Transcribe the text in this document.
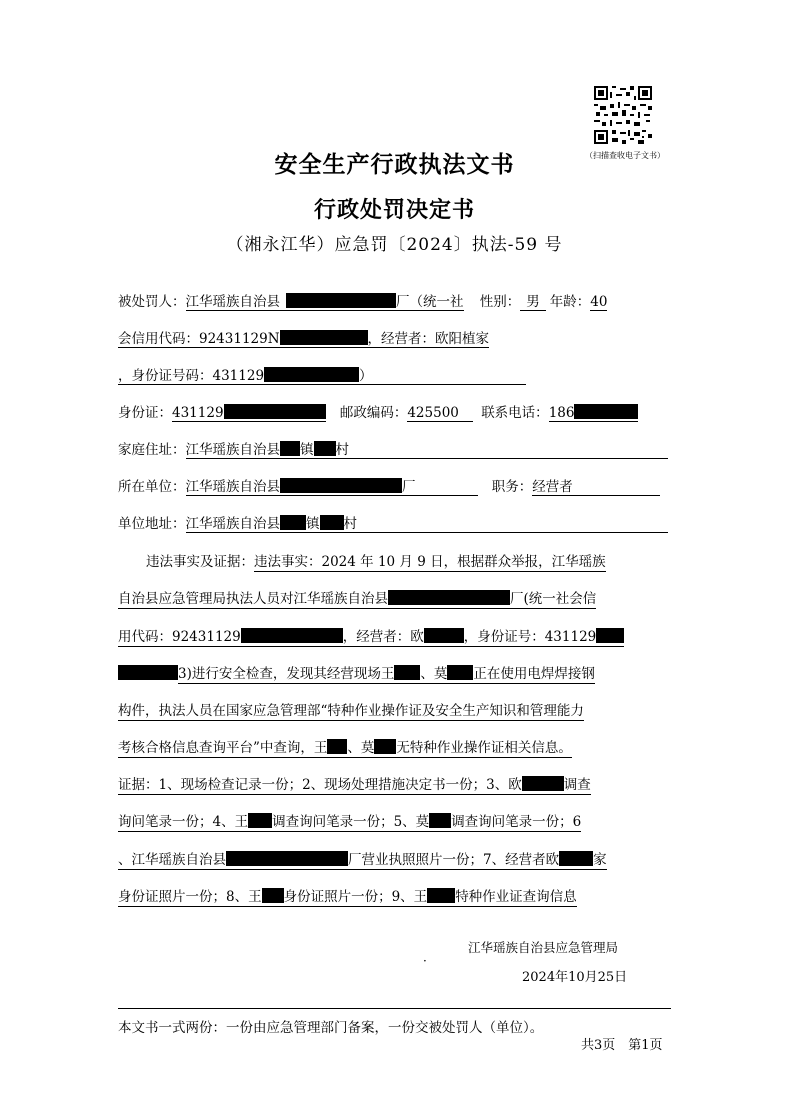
（扫描查收电子文书）
安全生产行政执法文书
行政处罚决定书
（湘永江华）应急罚〔2024〕执法-59 号
被处罚人：江华瑶族自治县	厂（统一社 性别： 男 年龄：40
会信用代码：92431129N	，经营者：欧阳植家
，身份证号码：431129	）
身份证：431129	邮政编码：425500 联系电话：186
家庭住址：江华瑶族自治县 镇 村
所在单位：江华瑶族自治县	厂	职务：经营者
单位地址：江华瑶族自治县 镇 村
违法事实及证据：违法事实：2024 年 10 月 9 日，根据群众举报，江华瑶族
自治县应急管理局执法人员对江华瑶族自治县	厂(统一社会信
用代码：92431129	，经营者：欧	，身份证号：431129
3)进行安全检查，发现其经营现场王 、莫 正在使用电焊焊接钢
构件，执法人员在国家应急管理部“特种作业操作证及安全生产知识和管理能力
考核合格信息查询平台”中查询，王 、莫 无特种作业操作证相关信息。
证据：1、现场检查记录一份；2、现场处理措施决定书一份；3、欧	调查
询问笔录一份；4、王 调查询问笔录一份；5、莫 调查询问笔录一份；6
、江华瑶族自治县	厂营业执照照片一份；7、经营者欧	家
身份证照片一份；8、王 身份证照片一份；9、王 特种作业证查询信息
江华瑶族自治县应急管理局
·
2024年10月25日
本文书一式两份：一份由应急管理部门备案，一份交被处罚人（单位）。
共3页　第1页
